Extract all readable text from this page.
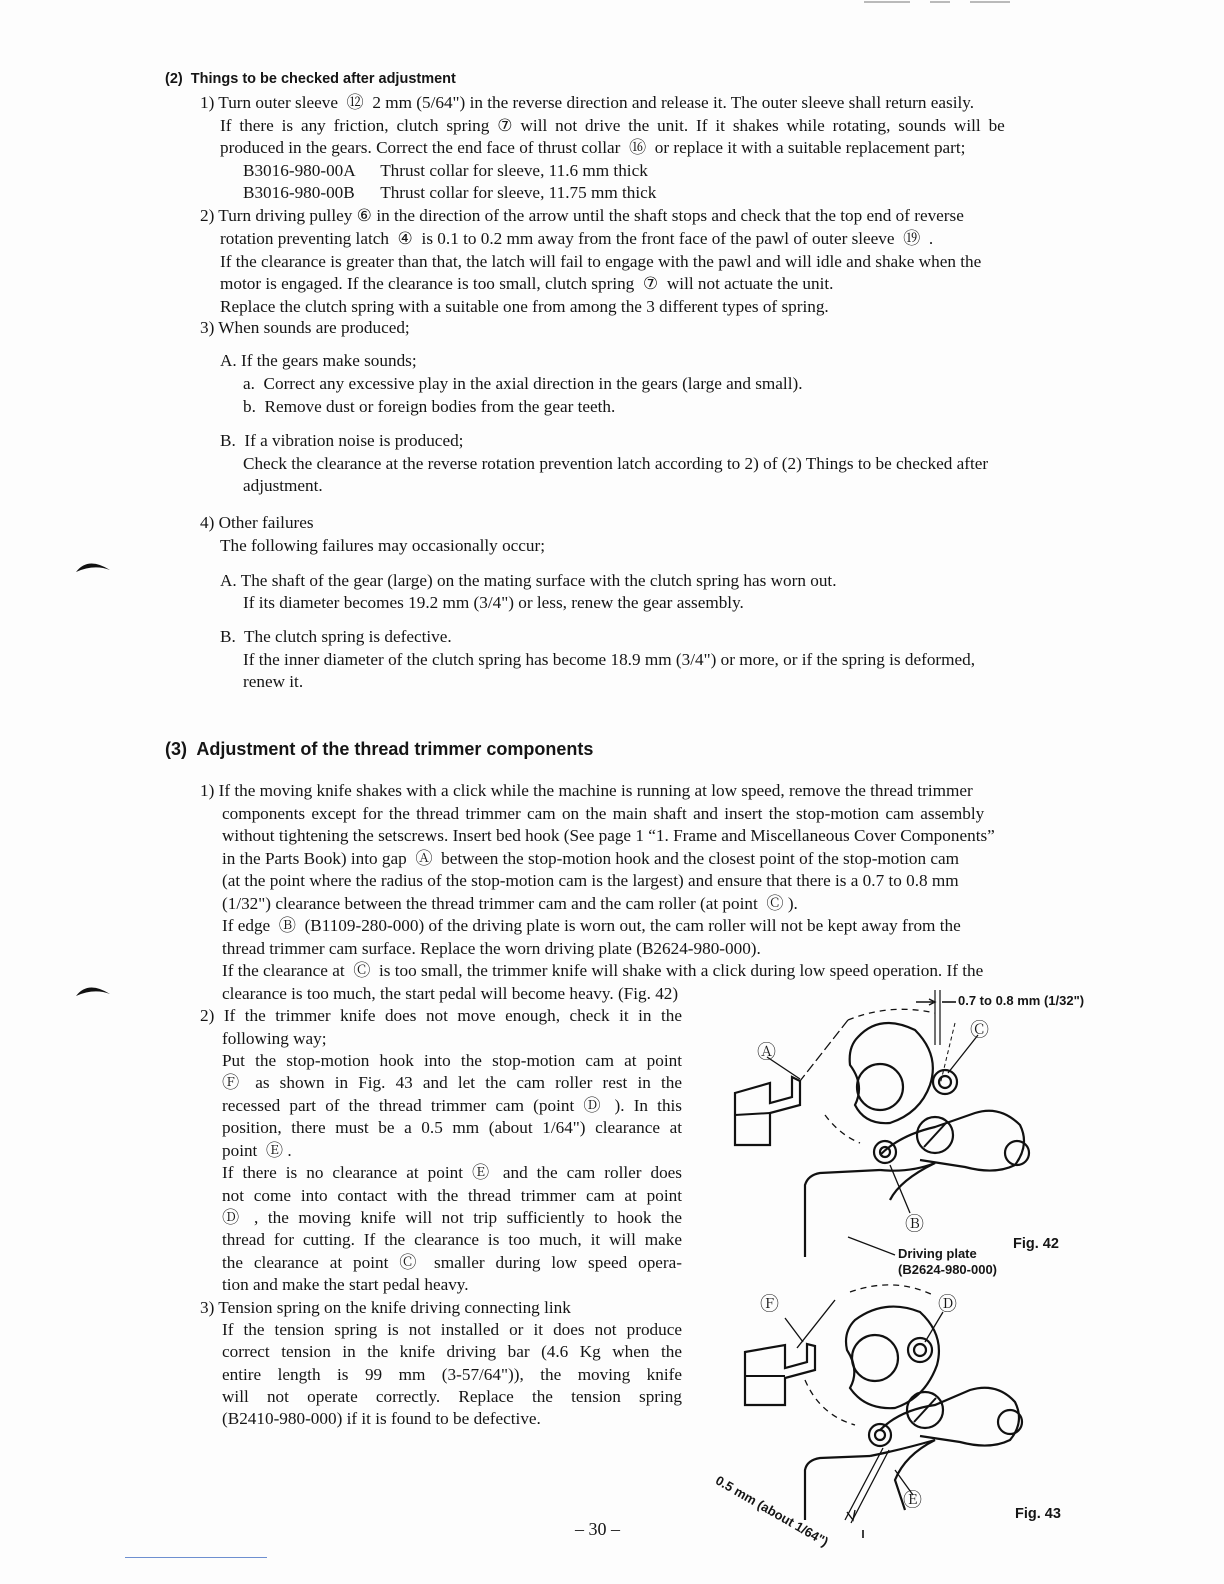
(2)  Things to be checked after adjustment
1) Turn outer sleeve  ⑫  2 mm (5/64") in the reverse direction and release it. The outer sleeve shall return easily.
If there is any friction, clutch spring ⑦ will not drive the unit. If it shakes while rotating, sounds will be
produced in the gears. Correct the end face of thrust collar  ⑯  or replace it with a suitable replacement part;
B3016-980-00A      Thrust collar for sleeve, 11.6 mm thick
B3016-980-00B      Thrust collar for sleeve, 11.75 mm thick
2) Turn driving pulley ⑥ in the direction of the arrow until the shaft stops and check that the top end of reverse
rotation preventing latch  ④  is 0.1 to 0.2 mm away from the front face of the pawl of outer sleeve  ⑲  .
If the clearance is greater than that, the latch will fail to engage with the pawl and will idle and shake when the
motor is engaged. If the clearance is too small, clutch spring  ⑦  will not actuate the unit.
Replace the clutch spring with a suitable one from among the 3 different types of spring.
3) When sounds are produced;
A. If the gears make sounds;
a.  Correct any excessive play in the axial direction in the gears (large and small).
b.  Remove dust or foreign bodies from the gear teeth.
B.  If a vibration noise is produced;
Check the clearance at the reverse rotation prevention latch according to 2) of (2) Things to be checked after
adjustment.
4) Other failures
The following failures may occasionally occur;
A. The shaft of the gear (large) on the mating surface with the clutch spring has worn out.
If its diameter becomes 19.2 mm (3/4") or less, renew the gear assembly.
B.  The clutch spring is defective.
If the inner diameter of the clutch spring has become 18.9 mm (3/4") or more, or if the spring is deformed,
renew it.
(3)  Adjustment of the thread trimmer components
1) If the moving knife shakes with a click while the machine is running at low speed, remove the thread trimmer
components except for the thread trimmer cam on the main shaft and insert the stop-motion cam assembly
without tightening the setscrews. Insert bed hook (See page 1 “1. Frame and Miscellaneous Cover Components”
in the Parts Book) into gap  Ⓐ  between the stop-motion hook and the closest point of the stop-motion cam
(at the point where the radius of the stop-motion cam is the largest) and ensure that there is a 0.7 to 0.8 mm
(1/32") clearance between the thread trimmer cam and the cam roller (at point  Ⓒ ).
If edge  Ⓑ  (B1109-280-000) of the driving plate is worn out, the cam roller will not be kept away from the
thread trimmer cam surface. Replace the worn driving plate (B2624-980-000).
If the clearance at  Ⓒ  is too small, the trimmer knife will shake with a click during low speed operation. If the
clearance is too much, the start pedal will become heavy. (Fig. 42)
2) If the trimmer knife does not move enough, check it in the
following way;
Put the stop-motion hook into the stop-motion cam at point
Ⓕ as shown in Fig. 43 and let the cam roller rest in the
recessed part of the thread trimmer cam (point Ⓓ ). In this
position, there must be a 0.5 mm (about 1/64") clearance at
point  Ⓔ .
If there is no clearance at point Ⓔ and the cam roller does
not come into contact with the thread trimmer cam at point
Ⓓ , the moving knife will not trip sufficiently to hook the
thread for cutting. If the clearance is too much, it will make
the clearance at point Ⓒ smaller during low speed opera-
tion and make the start pedal heavy.
3) Tension spring on the knife driving connecting link
If the tension spring is not installed or it does not produce
correct tension in the knife driving bar (4.6 Kg when the
entire length is 99 mm (3-57/64")), the moving knife
will not operate correctly. Replace the tension spring
(B2410-980-000) if it is found to be defective.
0.7 to 0.8 mm (1/32")
Ⓐ
Ⓒ
Ⓑ
Driving plate
(B2624-980-000)
Fig. 42
Ⓕ	Ⓓ
Ⓔ
0.5 mm (about 1/64")	Fig. 43
– 30 –
